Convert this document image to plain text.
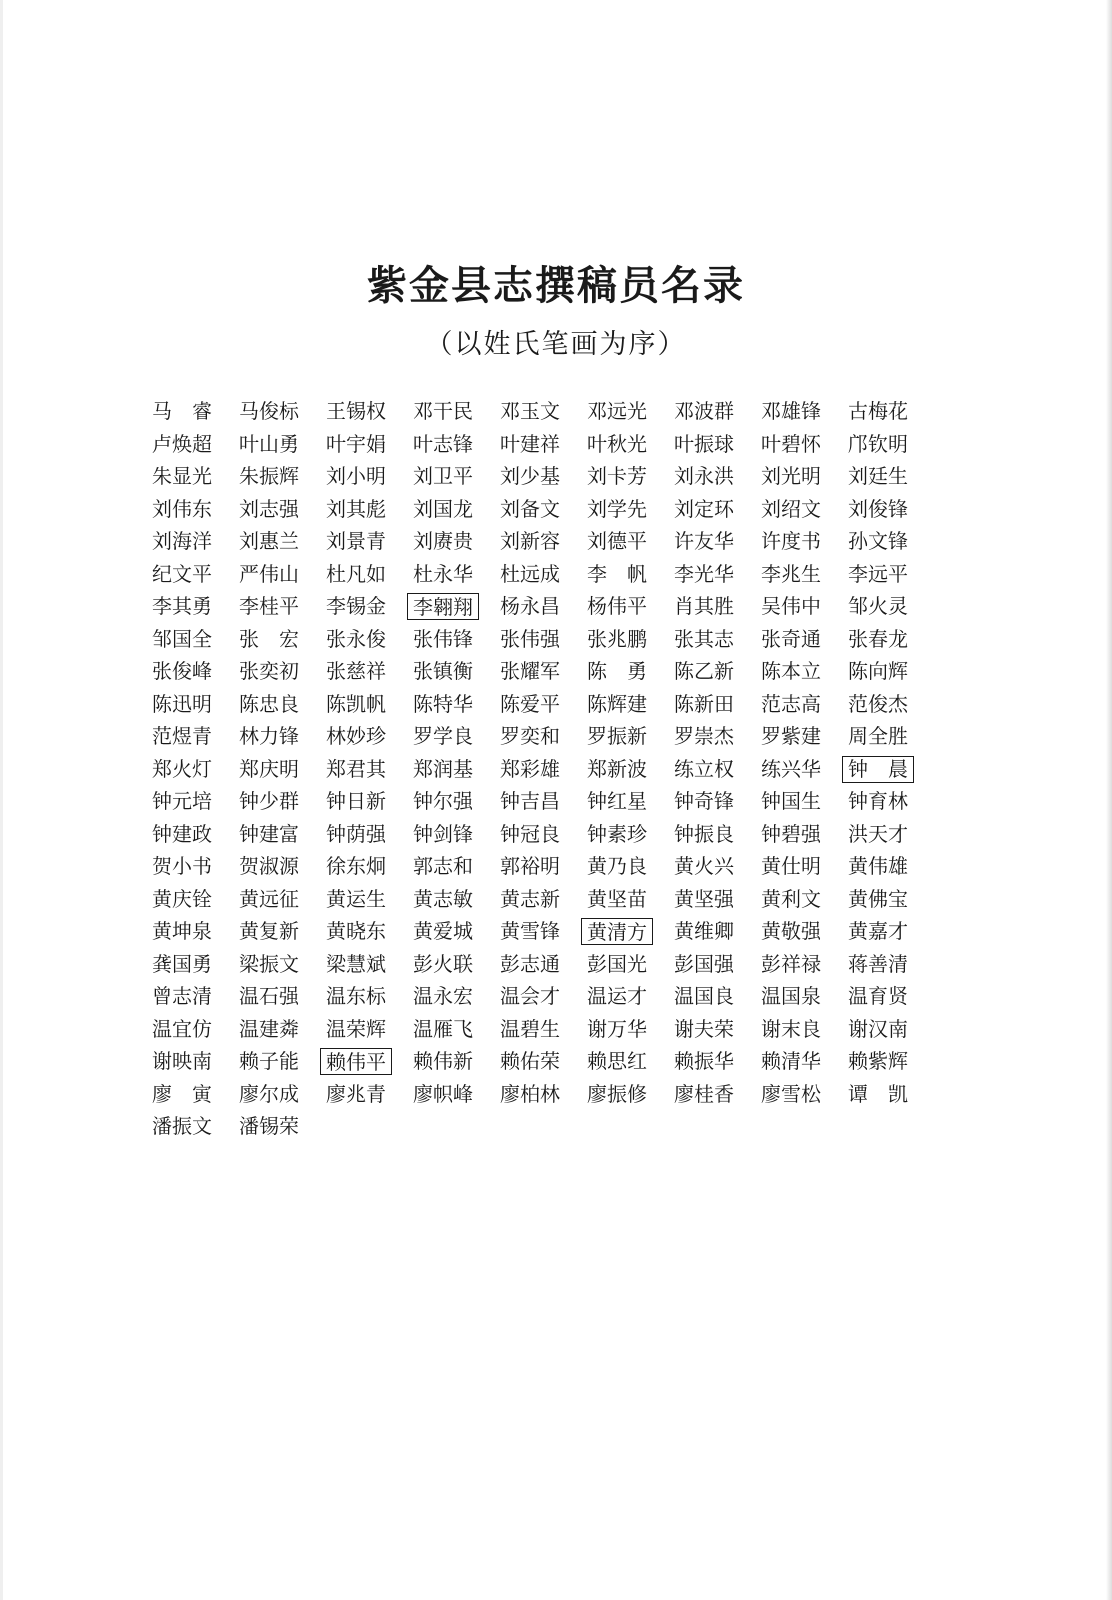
紫金县志撰稿员名录
（以姓氏笔画为序）
马　睿	马俊标	王锡权	邓干民	邓玉文	邓远光	邓波群	邓雄锋	古梅花
卢焕超	叶山勇	叶宇娟	叶志锋	叶建祥	叶秋光	叶振球	叶碧怀	邝钦明
朱显光	朱振辉	刘小明	刘卫平	刘少基	刘卡芳	刘永洪	刘光明	刘廷生
刘伟东	刘志强	刘其彪	刘国龙	刘备文	刘学先	刘定环	刘绍文	刘俊锋
刘海洋	刘惠兰	刘景青	刘赓贵	刘新容	刘德平	许友华	许度书	孙文锋
纪文平	严伟山	杜凡如	杜永华	杜远成	李　帆	李光华	李兆生	李远平
李其勇	李桂平	李锡金	李翱翔	杨永昌	杨伟平	肖其胜	吴伟中	邹火灵
邹国全	张　宏	张永俊	张伟锋	张伟强	张兆鹏	张其志	张奇通	张春龙
张俊峰	张奕初	张慈祥	张镇衡	张耀军	陈　勇	陈乙新	陈本立	陈向辉
陈迅明	陈忠良	陈凯帆	陈特华	陈爱平	陈辉建	陈新田	范志高	范俊杰
范煜青	林力锋	林妙珍	罗学良	罗奕和	罗振新	罗崇杰	罗紫建	周全胜
郑火灯	郑庆明	郑君其	郑润基	郑彩雄	郑新波	练立权	练兴华	钟　晨
钟元培	钟少群	钟日新	钟尔强	钟吉昌	钟红星	钟奇锋	钟国生	钟育林
钟建政	钟建富	钟荫强	钟剑锋	钟冠良	钟素珍	钟振良	钟碧强	洪天才
贺小书	贺淑源	徐东炯	郭志和	郭裕明	黄乃良	黄火兴	黄仕明	黄伟雄
黄庆铨	黄远征	黄运生	黄志敏	黄志新	黄坚苗	黄坚强	黄利文	黄佛宝
黄坤泉	黄复新	黄晓东	黄爱城	黄雪锋	黄清方	黄维卿	黄敬强	黄嘉才
龚国勇	梁振文	梁慧斌	彭火联	彭志通	彭国光	彭国强	彭祥禄	蒋善清
曾志清	温石强	温东标	温永宏	温会才	温运才	温国良	温国泉	温育贤
温宜仿	温建粦	温荣辉	温雁飞	温碧生	谢万华	谢夫荣	谢末良	谢汉南
谢映南	赖子能	赖伟平	赖伟新	赖佑荣	赖思红	赖振华	赖清华	赖紫辉
廖　寅	廖尔成	廖兆青	廖帜峰	廖柏林	廖振修	廖桂香	廖雪松	谭　凯
潘振文	潘锡荣
